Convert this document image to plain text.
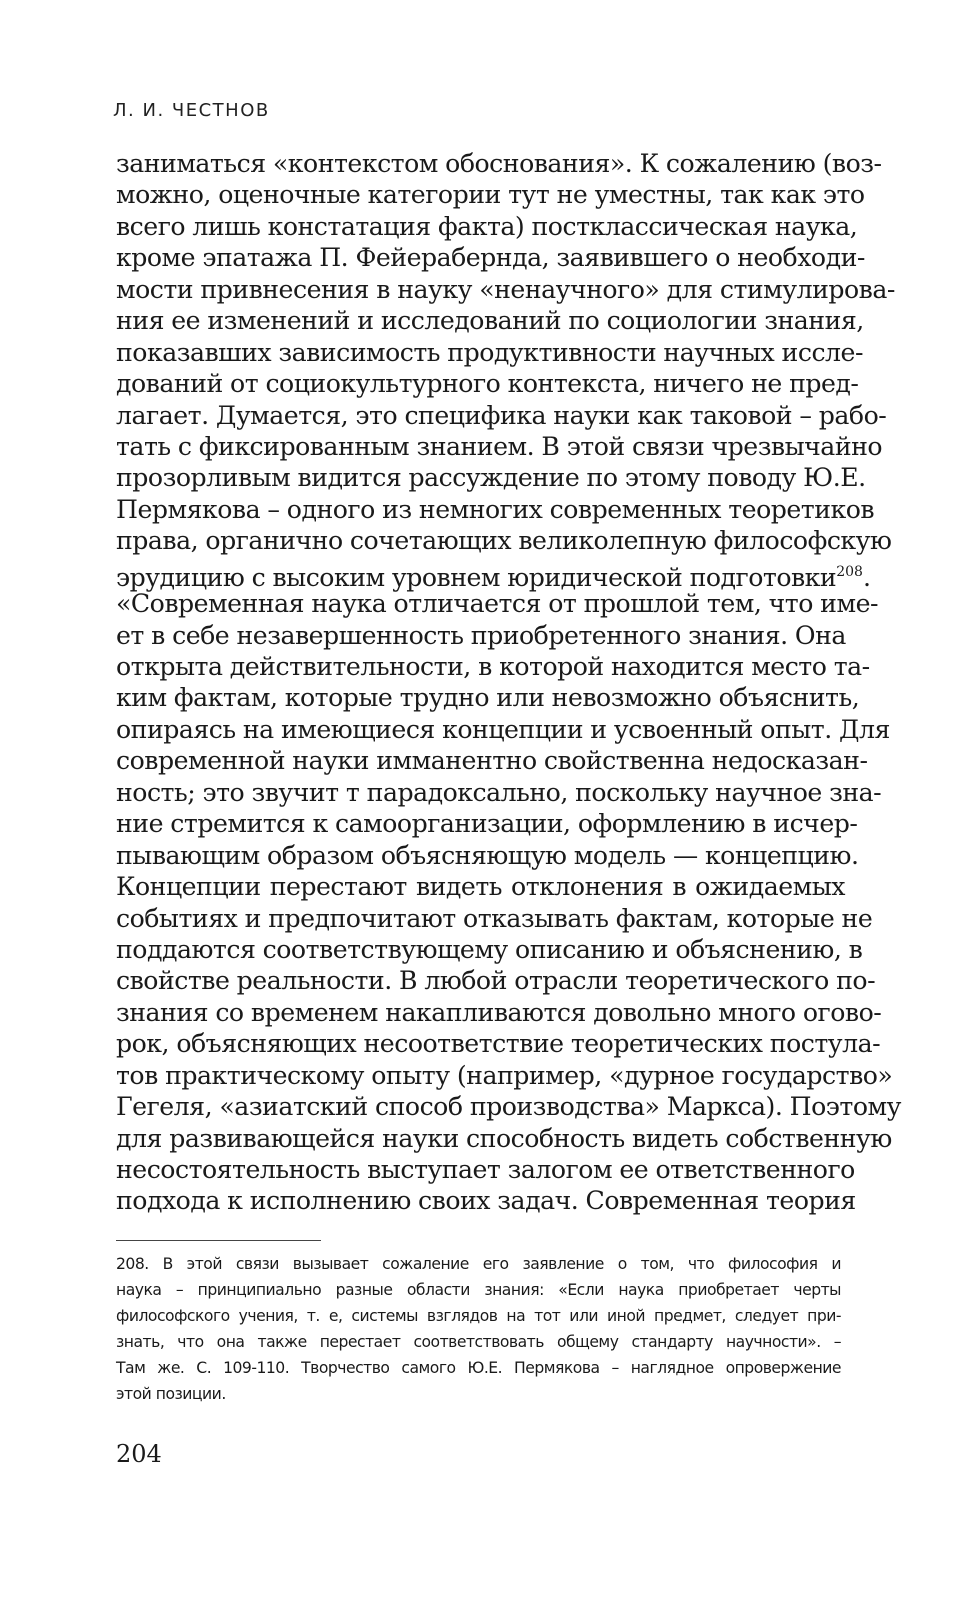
Л. И. ЧЕСТНОВ
заниматься «контекстом обоснования». К сожалению (воз-
можно, оценочные категории тут не уместны, так как это
всего лишь констатация факта) постклассическая наука,
кроме эпатажа П. Фейерабернда, заявившего о необходи-
мости привнесения в науку «ненаучного» для стимулирова-
ния ее изменений и исследований по социологии знания,
показавших зависимость продуктивности научных иссле-
дований от социокультурного контекста, ничего не пред-
лагает. Думается, это специфика науки как таковой – рабо-
тать с фиксированным знанием. В этой связи чрезвычайно
прозорливым видится рассуждение по этому поводу Ю.Е.
Пермякова – одного из немногих современных теоретиков
права, органично сочетающих великолепную философскую
эрудицию с высоким уровнем юридической подготовки$^{208}$.
«Современная наука отличается от прошлой тем, что име-
ет в себе незавершенность приобретенного знания. Она
открыта действительности, в которой находится место та-
ким фактам, которые трудно или невозможно объяснить,
опираясь на имеющиеся концепции и усвоенный опыт. Для
современной науки имманентно свойственна недосказан-
ность; это звучит т парадоксально, поскольку научное зна-
ние стремится к самоорганизации, оформлению в исчер-
пывающим образом объясняющую модель — концепцию.
Концепции перестают видеть отклонения в ожидаемых
событиях и предпочитают отказывать фактам, которые не
поддаются соответствующему описанию и объяснению, в
свойстве реальности. В любой отрасли теоретического по-
знания со временем накапливаются довольно много огово-
рок, объясняющих несоответствие теоретических постула-
тов практическому опыту (например, «дурное государство»
Гегеля, «азиатский способ производства» Маркса). Поэтому
для развивающейся науки способность видеть собственную
несостоятельность выступает залогом ее ответственного
подхода к исполнению своих задач. Современная теория
208. В этой связи вызывает сожаление его заявление о том, что философия и
наука – принципиально разные области знания: «Если наука приобретает черты
философского учения, т. е, системы взглядов на тот или иной предмет, следует при-
знать, что она также перестает соответствовать общему стандарту научности». –
Там же. С. 109-110. Творчество самого Ю.Е. Пермякова – наглядное опровержение
этой позиции.
204
